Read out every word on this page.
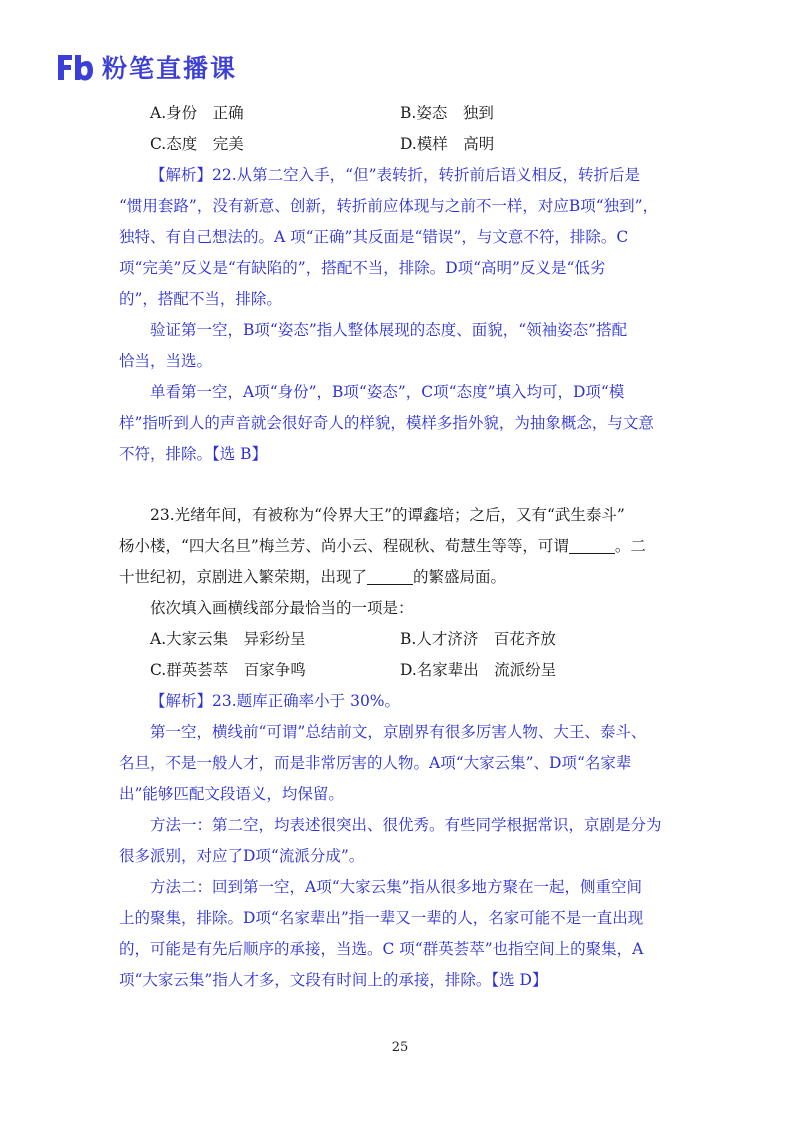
粉笔直播课
A.身份　正确	B.姿态　独到
C.态度　完美	D.模样　高明
【解析】22.从第二空入手，“但”表转折，转折前后语义相反，转折后是
“惯用套路”，没有新意、创新，转折前应体现与之前不一样，对应B项“独到”，
独特、有自己想法的。A 项“正确”其反面是“错误”，与文意不符，排除。C
项“完美”反义是“有缺陷的”，搭配不当，排除。D项“高明”反义是“低劣
的”，搭配不当，排除。
验证第一空，B项“姿态”指人整体展现的态度、面貌，“领袖姿态”搭配
恰当，当选。
单看第一空，A项“身份”，B项“姿态”，C项“态度”填入均可，D项“模
样”指听到人的声音就会很好奇人的样貌，模样多指外貌，为抽象概念，与文意
不符，排除。【选 B】
23.光绪年间，有被称为“伶界大王”的谭鑫培；之后，又有“武生泰斗”
杨小楼，“四大名旦”梅兰芳、尚小云、程砚秋、荀慧生等等，可谓	。二
十世纪初，京剧进入繁荣期，出现了	的繁盛局面。
依次填入画横线部分最恰当的一项是：
A.大家云集　异彩纷呈	B.人才济济　百花齐放
C.群英荟萃　百家争鸣	D.名家辈出　流派纷呈
【解析】23.题库正确率小于 30%。
第一空，横线前“可谓”总结前文，京剧界有很多厉害人物、大王、泰斗、
名旦，不是一般人才，而是非常厉害的人物。A项“大家云集”、D项“名家辈
出”能够匹配文段语义，均保留。
方法一：第二空，均表述很突出、很优秀。有些同学根据常识，京剧是分为
很多派别，对应了D项“流派分成”。
方法二：回到第一空，A项“大家云集”指从很多地方聚在一起，侧重空间
上的聚集，排除。D项“名家辈出”指一辈又一辈的人，名家可能不是一直出现
的，可能是有先后顺序的承接，当选。C 项“群英荟萃”也指空间上的聚集，A
项“大家云集”指人才多，文段有时间上的承接，排除。【选 D】
25
